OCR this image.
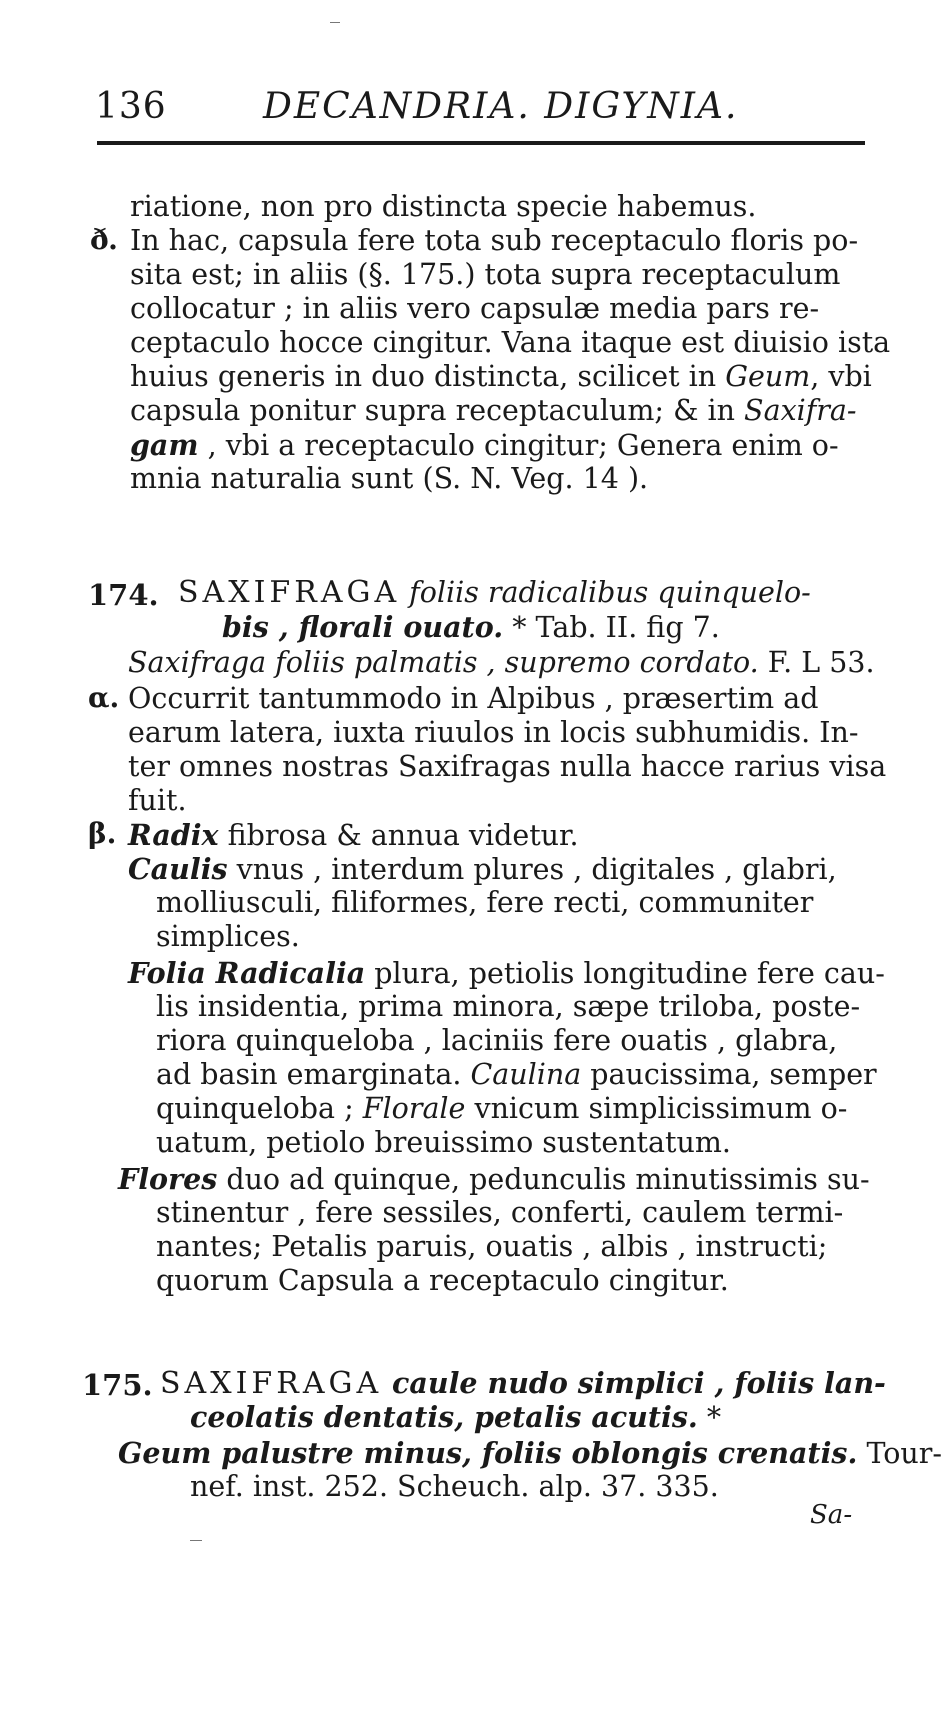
136	DECANDRIA. DIGYNIA.
riatione, non pro distincta specie habemus.
ð. In hac, capsula fere tota sub receptaculo floris po-
sita est; in aliis (§. 175.) tota supra receptaculum
collocatur ; in aliis vero capsulæ media pars re-
ceptaculo hocce cingitur. Vana itaque est diuisio ista
huius generis in duo distincta, scilicet in Geum, vbi
capsula ponitur supra receptaculum; & in Saxifra-
gam , vbi a receptaculo cingitur; Genera enim o-
mnia naturalia sunt (S. N. Veg. 14 ).
174. SAXIFRAGA foliis radicalibus quinquelo-
bis , florali ouato. * Tab. II. fig 7.
Saxifraga foliis palmatis , supremo cordato. F. L 53.
α. Occurrit tantummodo in Alpibus , præsertim ad
earum latera, iuxta riuulos in locis subhumidis. In-
ter omnes nostras Saxifragas nulla hacce rarius visa
fuit.
β. Radix fibrosa & annua videtur.
Caulis vnus , interdum plures , digitales , glabri,
molliusculi, filiformes, fere recti, communiter
simplices.
Folia Radicalia plura, petiolis longitudine fere cau-
lis insidentia, prima minora, sæpe triloba, poste-
riora quinqueloba , laciniis fere ouatis , glabra,
ad basin emarginata. Caulina paucissima, semper
quinqueloba ; Florale vnicum simplicissimum o-
uatum, petiolo breuissimo sustentatum.
Flores duo ad quinque, pedunculis minutissimis su-
stinentur , fere sessiles, conferti, caulem termi-
nantes; Petalis paruis, ouatis , albis , instructi;
quorum Capsula a receptaculo cingitur.
175. SAXIFRAGA caule nudo simplici , foliis lan-
ceolatis dentatis, petalis acutis. *
Geum palustre minus, foliis oblongis crenatis. Tour-
nef. inst. 252. Scheuch. alp. 37. 335.
Sa-
